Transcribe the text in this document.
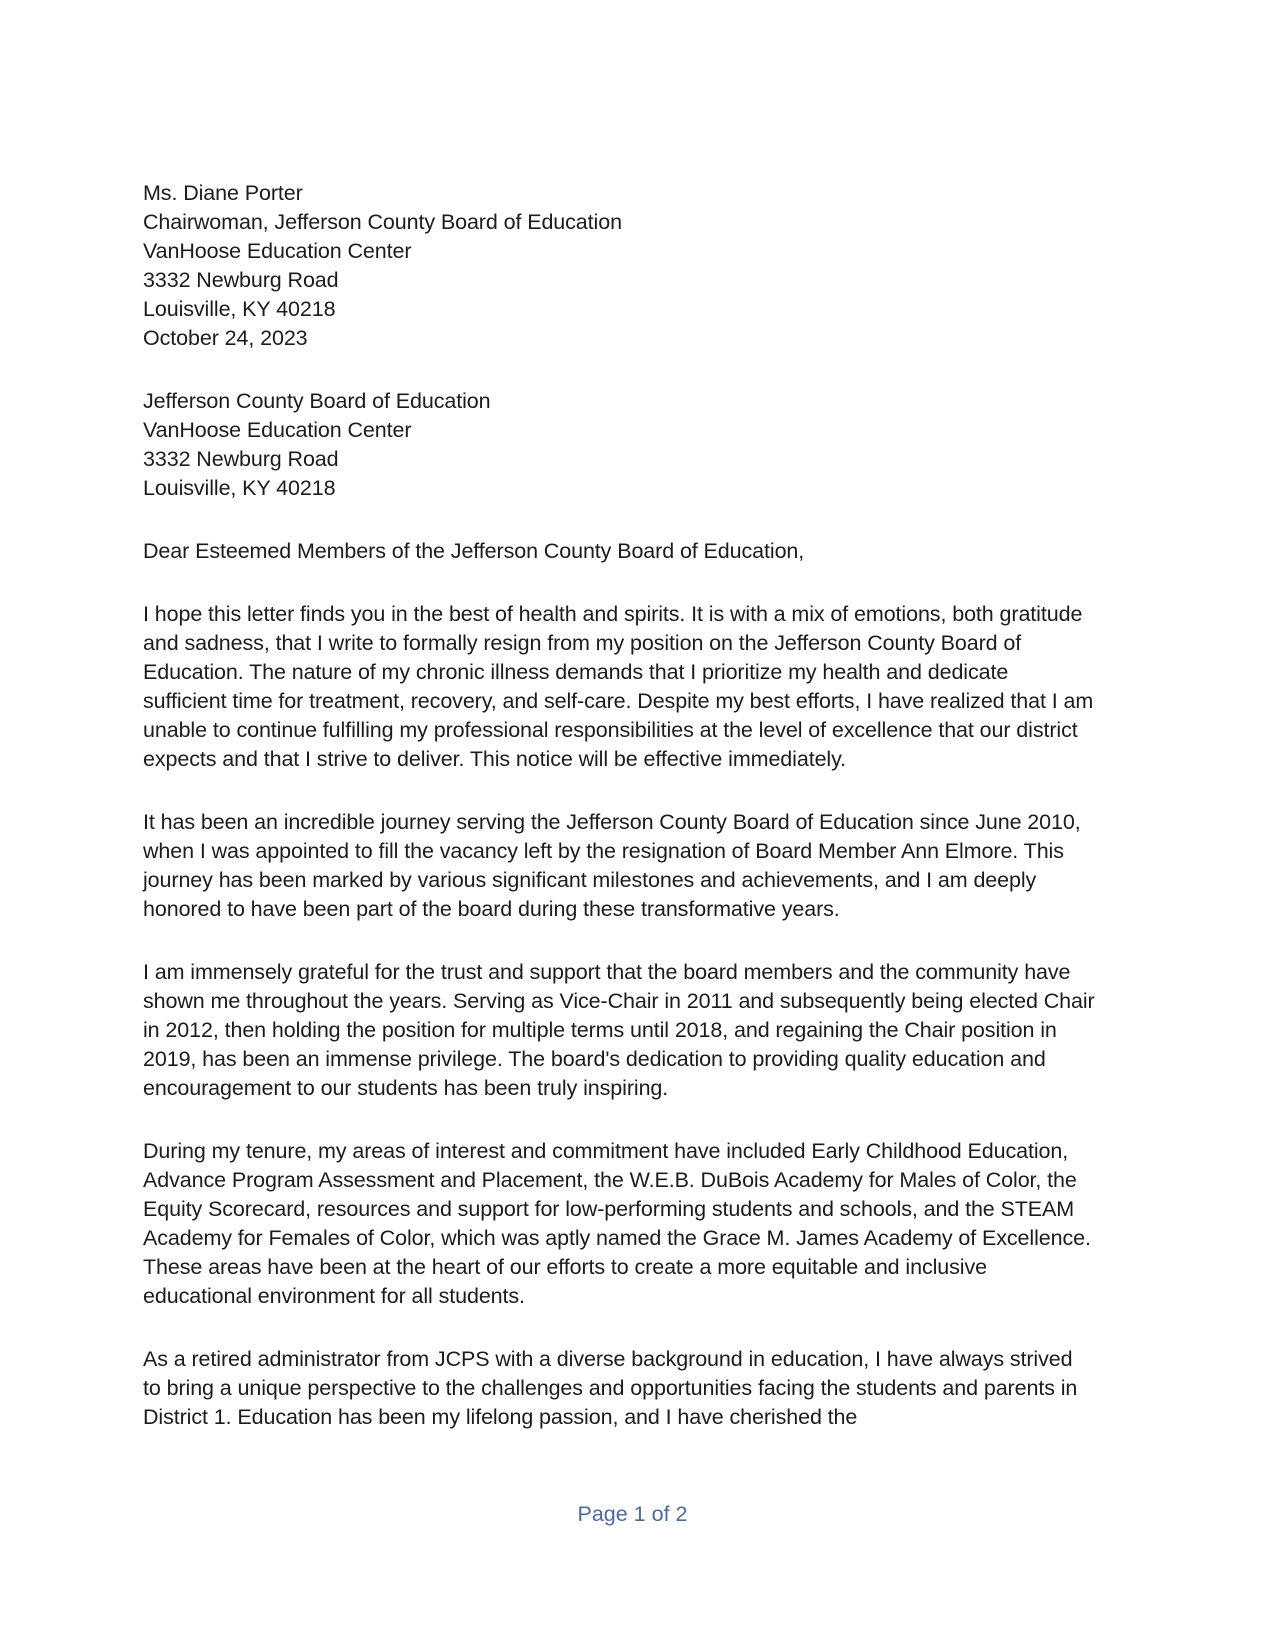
Ms. Diane Porter
Chairwoman, Jefferson County Board of Education
VanHoose Education Center
3332 Newburg Road
Louisville, KY 40218
October 24, 2023
Jefferson County Board of Education
VanHoose Education Center
3332 Newburg Road
Louisville, KY 40218
Dear Esteemed Members of the Jefferson County Board of Education,

I hope this letter finds you in the best of health and spirits. It is with a mix of emotions, both gratitude and sadness, that I write to formally resign from my position on the Jefferson County Board of Education. The nature of my chronic illness demands that I prioritize my health and dedicate sufficient time for treatment, recovery, and self-care. Despite my best efforts, I have realized that I am unable to continue fulfilling my professional responsibilities at the level of excellence that our district expects and that I strive to deliver. This notice will be effective immediately.

It has been an incredible journey serving the Jefferson County Board of Education since June 2010, when I was appointed to fill the vacancy left by the resignation of Board Member Ann Elmore. This journey has been marked by various significant milestones and achievements, and I am deeply honored to have been part of the board during these transformative years.

I am immensely grateful for the trust and support that the board members and the community have shown me throughout the years. Serving as Vice-Chair in 2011 and subsequently being elected Chair in 2012, then holding the position for multiple terms until 2018, and regaining the Chair position in 2019, has been an immense privilege. The board's dedication to providing quality education and encouragement to our students has been truly inspiring.

During my tenure, my areas of interest and commitment have included Early Childhood Education, Advance Program Assessment and Placement, the W.E.B. DuBois Academy for Males of Color, the Equity Scorecard, resources and support for low-performing students and schools, and the STEAM Academy for Females of Color, which was aptly named the Grace M. James Academy of Excellence. These areas have been at the heart of our efforts to create a more equitable and inclusive educational environment for all students.

As a retired administrator from JCPS with a diverse background in education, I have always strived to bring a unique perspective to the challenges and opportunities facing the students and parents in District 1. Education has been my lifelong passion, and I have cherished the

Page 1 of 2
